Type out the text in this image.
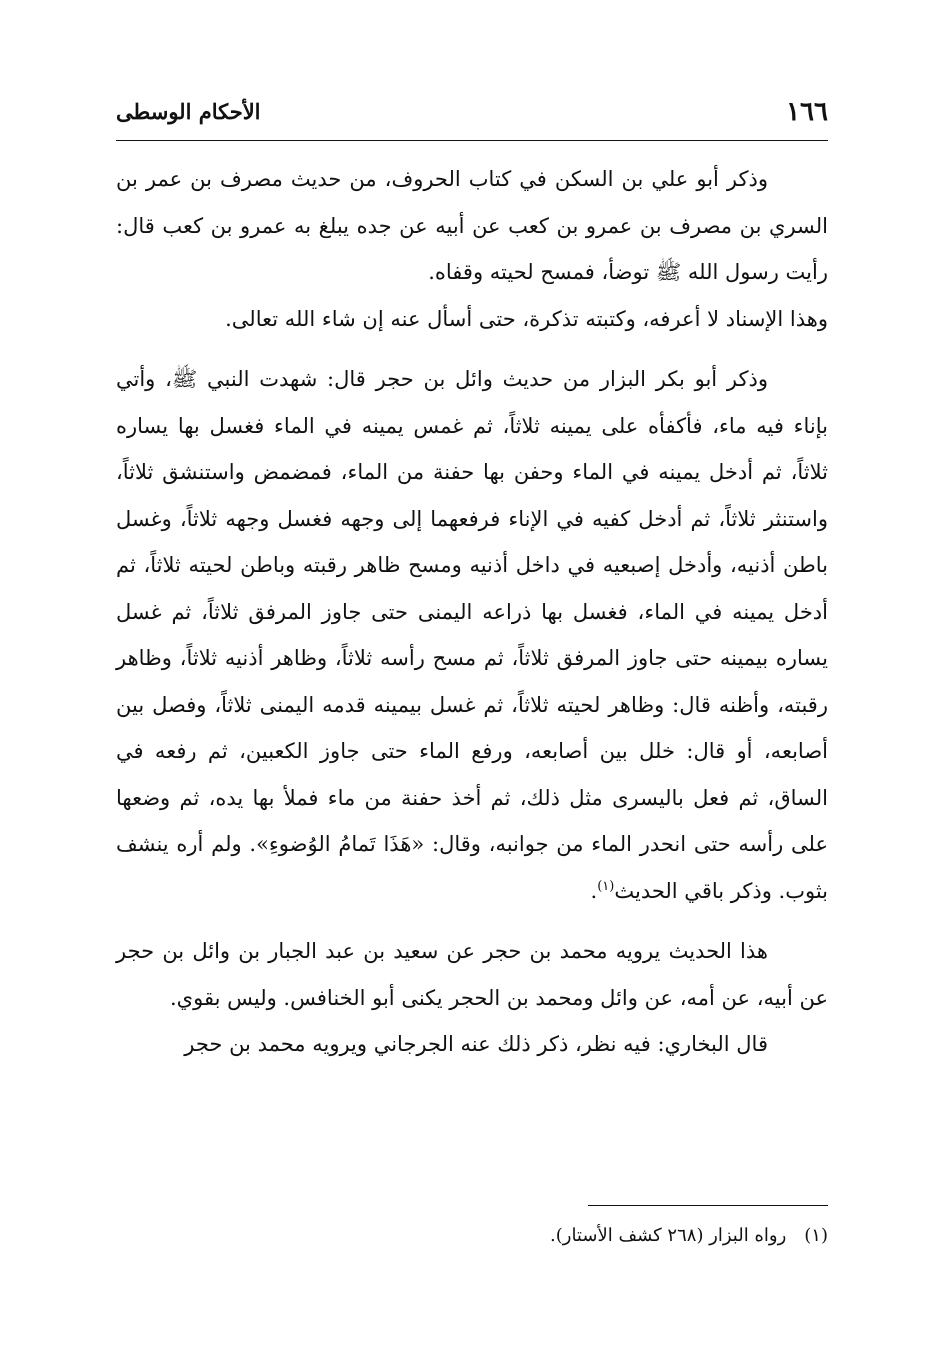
١٦٦
الأحكام الوسطى

وذكر أبو علي بن السكن في كتاب الحروف، من حديث مصرف بن عمر بن السري بن مصرف بن عمرو بن كعب عن أبيه عن جده يبلغ به عمرو بن كعب قال: رأيت رسول الله ﷺ توضأ، فمسح لحيته وقفاه.

وهذا الإسناد لا أعرفه، وكتبته تذكرة، حتى أسأل عنه إن شاء الله تعالى.

وذكر أبو بكر البزار من حديث وائل بن حجر قال: شهدت النبي ﷺ، وأتي بإناء فيه ماء، فأكفأه على يمينه ثلاثاً، ثم غمس يمينه في الماء فغسل بها يساره ثلاثاً، ثم أدخل يمينه في الماء وحفن بها حفنة من الماء، فمضمض واستنشق ثلاثاً، واستنثر ثلاثاً، ثم أدخل كفيه في الإناء فرفعهما إلى وجهه فغسل وجهه ثلاثاً، وغسل باطن أذنيه، وأدخل إصبعيه في داخل أذنيه ومسح ظاهر رقبته وباطن لحيته ثلاثاً، ثم أدخل يمينه في الماء، فغسل بها ذراعه اليمنى حتى جاوز المرفق ثلاثاً، ثم غسل يساره بيمينه حتى جاوز المرفق ثلاثاً، ثم مسح رأسه ثلاثاً، وظاهر أذنيه ثلاثاً، وظاهر رقبته، وأظنه قال: وظاهر لحيته ثلاثاً، ثم غسل بيمينه قدمه اليمنى ثلاثاً، وفصل بين أصابعه، أو قال: خلل بين أصابعه، ورفع الماء حتى جاوز الكعبين، ثم رفعه في الساق، ثم فعل باليسرى مثل ذلك، ثم أخذ حفنة من ماء فملأ بها يده، ثم وضعها على رأسه حتى انحدر الماء من جوانبه، وقال: «هَذَا تَمامُ الوُضوءِ». ولم أره ينشف بثوب. وذكر باقي الحديث$^{(١)}$.

هذا الحديث يرويه محمد بن حجر عن سعيد بن عبد الجبار بن وائل بن حجر عن أبيه، عن أمه، عن وائل ومحمد بن الحجر يكنى أبو الخنافس. وليس بقوي.

قال البخاري: فيه نظر، ذكر ذلك عنه الجرجاني ويرويه محمد بن حجر

(١)رواه البزار (٢٦٨ كشف الأستار).
